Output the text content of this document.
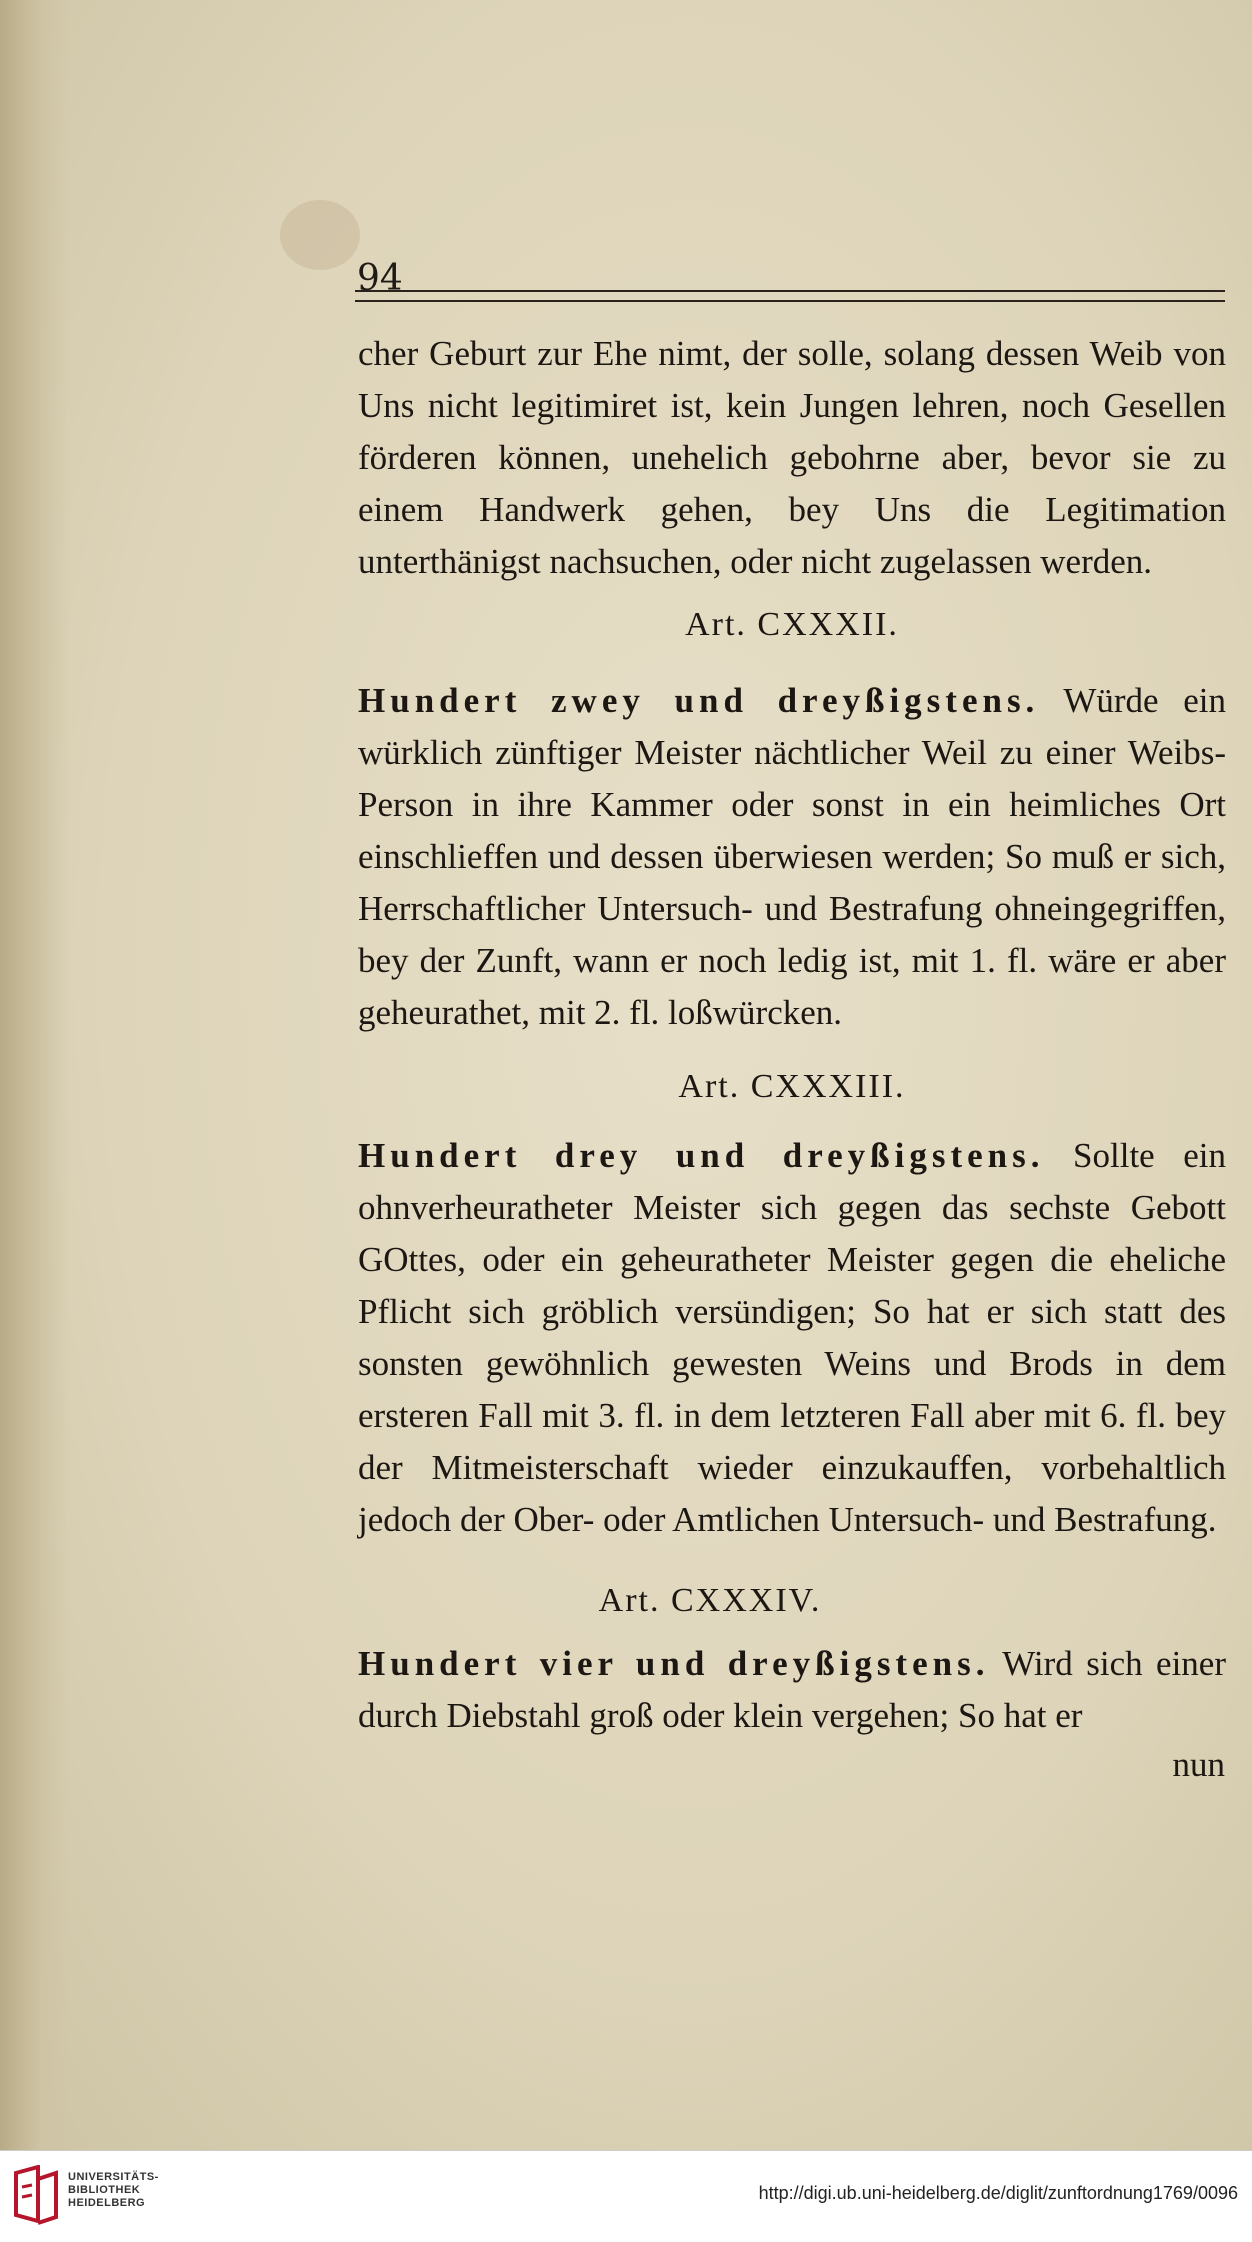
94
cher Geburt zur Ehe nimt, der solle, solang dessen Weib von Uns nicht legitimiret ist, kein Jungen lehren, noch Gesellen förderen können, unehelich gebohrne aber, bevor sie zu einem Handwerk gehen, bey Uns die Legitimation unterthänigst nachsuchen, oder nicht zugelassen werden.
Art. CXXXII.
Hundert zwey und dreyßigstens. Würde ein würklich zünftiger Meister nächtlicher Weil zu einer Weibs-Person in ihre Kammer oder sonst in ein heimliches Ort einschlieffen und dessen überwiesen werden; So muß er sich, Herrschaftlicher Untersuch- und Bestrafung ohneingegriffen, bey der Zunft, wann er noch ledig ist, mit 1. fl. wäre er aber geheurathet, mit 2. fl. loßwürcken.
Art. CXXXIII.
Hundert drey und dreyßigstens. Sollte ein ohnverheuratheter Meister sich gegen das sechste Gebott GOttes, oder ein geheuratheter Meister gegen die eheliche Pflicht sich gröblich versündigen; So hat er sich statt des sonsten gewöhnlich gewesten Weins und Brods in dem ersteren Fall mit 3. fl. in dem letzteren Fall aber mit 6. fl. bey der Mitmeisterschaft wieder einzukauffen, vorbehaltlich jedoch der Ober- oder Amtlichen Untersuch- und Bestrafung.
Art. CXXXIV.
Hundert vier und dreyßigstens. Wird sich einer durch Diebstahl groß oder klein vergehen; So hat er
nun
UNIVERSITÄTS-
BIBLIOTHEK
HEIDELBERG	http://digi.ub.uni-heidelberg.de/diglit/zunftordnung1769/0096
